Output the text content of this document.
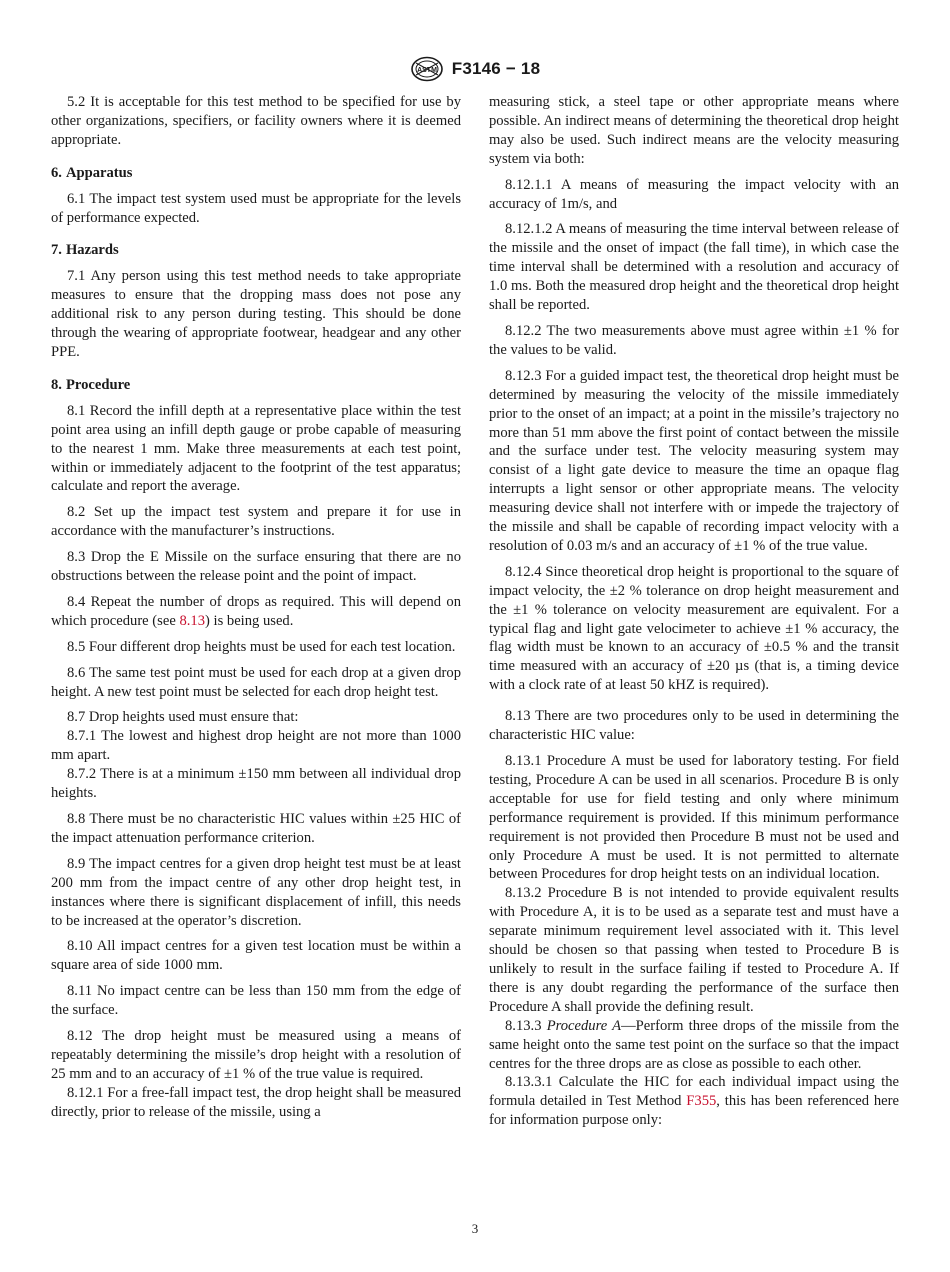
ASTM F3146 − 18

5.2 It is acceptable for this test method to be specified for use by other organizations, specifiers, or facility owners where it is deemed appropriate.

6. Apparatus

6.1 The impact test system used must be appropriate for the levels of performance expected.

7. Hazards

7.1 Any person using this test method needs to take appropriate measures to ensure that the dropping mass does not pose any additional risk to any person during testing. This should be done through the wearing of appropriate footwear, headgear and any other PPE.

8. Procedure

8.1 Record the infill depth at a representative place within the test point area using an infill depth gauge or probe capable of measuring to the nearest 1 mm. Make three measurements at each test point, within or immediately adjacent to the footprint of the test apparatus; calculate and report the average.

8.2 Set up the impact test system and prepare it for use in accordance with the manufacturer’s instructions.

8.3 Drop the E Missile on the surface ensuring that there are no obstructions between the release point and the point of impact.

8.4 Repeat the number of drops as required. This will depend on which procedure (see 8.13) is being used.

8.5 Four different drop heights must be used for each test location.

8.6 The same test point must be used for each drop at a given drop height. A new test point must be selected for each drop height test.

8.7 Drop heights used must ensure that:

8.7.1 The lowest and highest drop height are not more than 1000 mm apart.

8.7.2 There is at a minimum ±150 mm between all individual drop heights.

8.8 There must be no characteristic HIC values within ±25 HIC of the impact attenuation performance criterion.

8.9 The impact centres for a given drop height test must be at least 200 mm from the impact centre of any other drop height test, in instances where there is significant displacement of infill, this needs to be increased at the operator’s discretion.

8.10 All impact centres for a given test location must be within a square area of side 1000 mm.

8.11 No impact centre can be less than 150 mm from the edge of the surface.

8.12 The drop height must be measured using a means of repeatably determining the missile’s drop height with a resolution of 25 mm and to an accuracy of ±1 % of the true value is required.

8.12.1 For a free-fall impact test, the drop height shall be measured directly, prior to release of the missile, using a

measuring stick, a steel tape or other appropriate means where possible. An indirect means of determining the theoretical drop height may also be used. Such indirect means are the velocity measuring system via both:

8.12.1.1 A means of measuring the impact velocity with an accuracy of 1m/s, and

8.12.1.2 A means of measuring the time interval between release of the missile and the onset of impact (the fall time), in which case the time interval shall be determined with a resolution and accuracy of 1.0 ms. Both the measured drop height and the theoretical drop height shall be reported.

8.12.2 The two measurements above must agree within ±1 % for the values to be valid.

8.12.3 For a guided impact test, the theoretical drop height must be determined by measuring the velocity of the missile immediately prior to the onset of an impact; at a point in the missile’s trajectory no more than 51 mm above the first point of contact between the missile and the surface under test. The velocity measuring system may consist of a light gate device to measure the time an opaque flag interrupts a light sensor or other appropriate means. The velocity measuring device shall not interfere with or impede the trajectory of the missile and shall be capable of recording impact velocity with a resolution of 0.03 m/s and an accuracy of ±1 % of the true value.

8.12.4 Since theoretical drop height is proportional to the square of impact velocity, the ±2 % tolerance on drop height measurement and the ±1 % tolerance on velocity measurement are equivalent. For a typical flag and light gate velocimeter to achieve ±1 % accuracy, the flag width must be known to an accuracy of ±0.5 % and the transit time measured with an accuracy of ±20 µs (that is, a timing device with a clock rate of at least 50 kHZ is required).

8.13 There are two procedures only to be used in determining the characteristic HIC value:

8.13.1 Procedure A must be used for laboratory testing. For field testing, Procedure A can be used in all scenarios. Procedure B is only acceptable for use for field testing and only where minimum performance requirement is provided. If this minimum performance requirement is not provided then Procedure B must not be used and only Procedure A must be used. It is not permitted to alternate between Procedures for drop height tests on an individual location.

8.13.2 Procedure B is not intended to provide equivalent results with Procedure A, it is to be used as a separate test and must have a separate minimum requirement level associated with it. This level should be chosen so that passing when tested to Procedure B is unlikely to result in the surface failing if tested to Procedure A. If there is any doubt regarding the performance of the surface then Procedure A shall provide the defining result.

8.13.3 Procedure A—Perform three drops of the missile from the same height onto the same test point on the surface so that the impact centres for the three drops are as close as possible to each other.

8.13.3.1 Calculate the HIC for each individual impact using the formula detailed in Test Method F355, this has been referenced here for information purpose only:

3
